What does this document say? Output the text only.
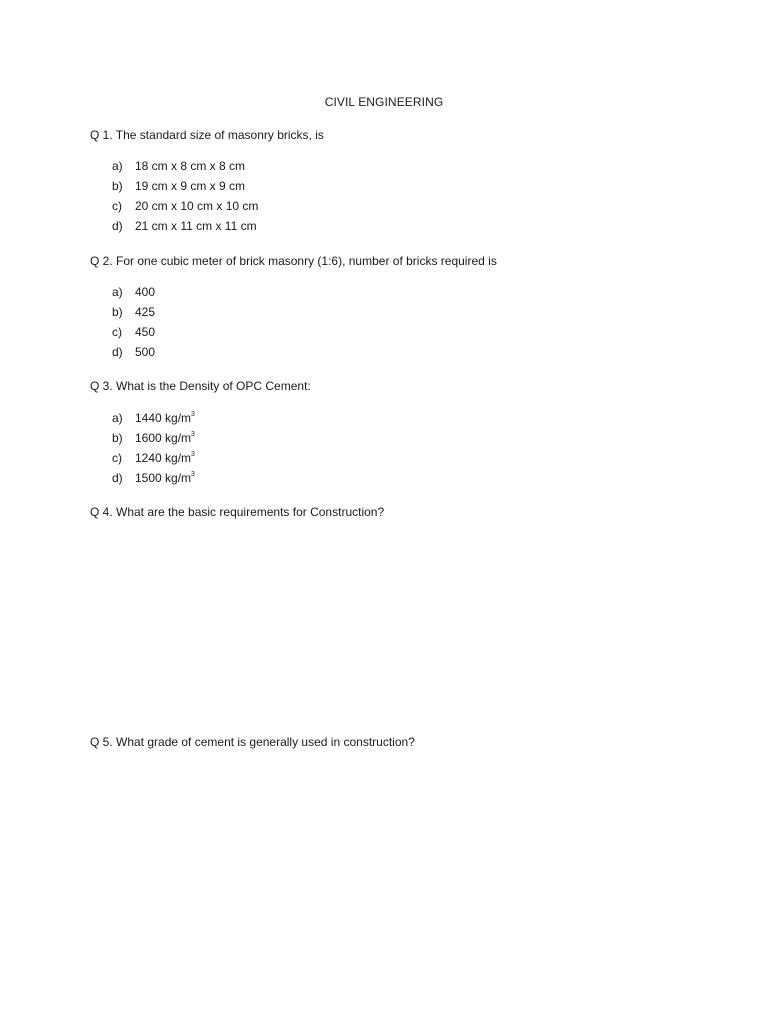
CIVIL ENGINEERING
Q 1. The standard size of masonry bricks, is
a) 18 cm x 8 cm x 8 cm
b) 19 cm x 9 cm x 9 cm
c) 20 cm x 10 cm x 10 cm
d) 21 cm x 11 cm x 11 cm
Q 2. For one cubic meter of brick masonry (1:6), number of bricks required is
a) 400
b) 425
c) 450
d) 500
Q 3. What is the Density of OPC Cement:
a) 1440 $kg/m^3$
b) 1600 $kg/m^3$
c) 1240 $kg/m^3$
d) 1500 $kg/m^3$
Q 4. What are the basic requirements for Construction?
Q 5. What grade of cement is generally used in construction?
